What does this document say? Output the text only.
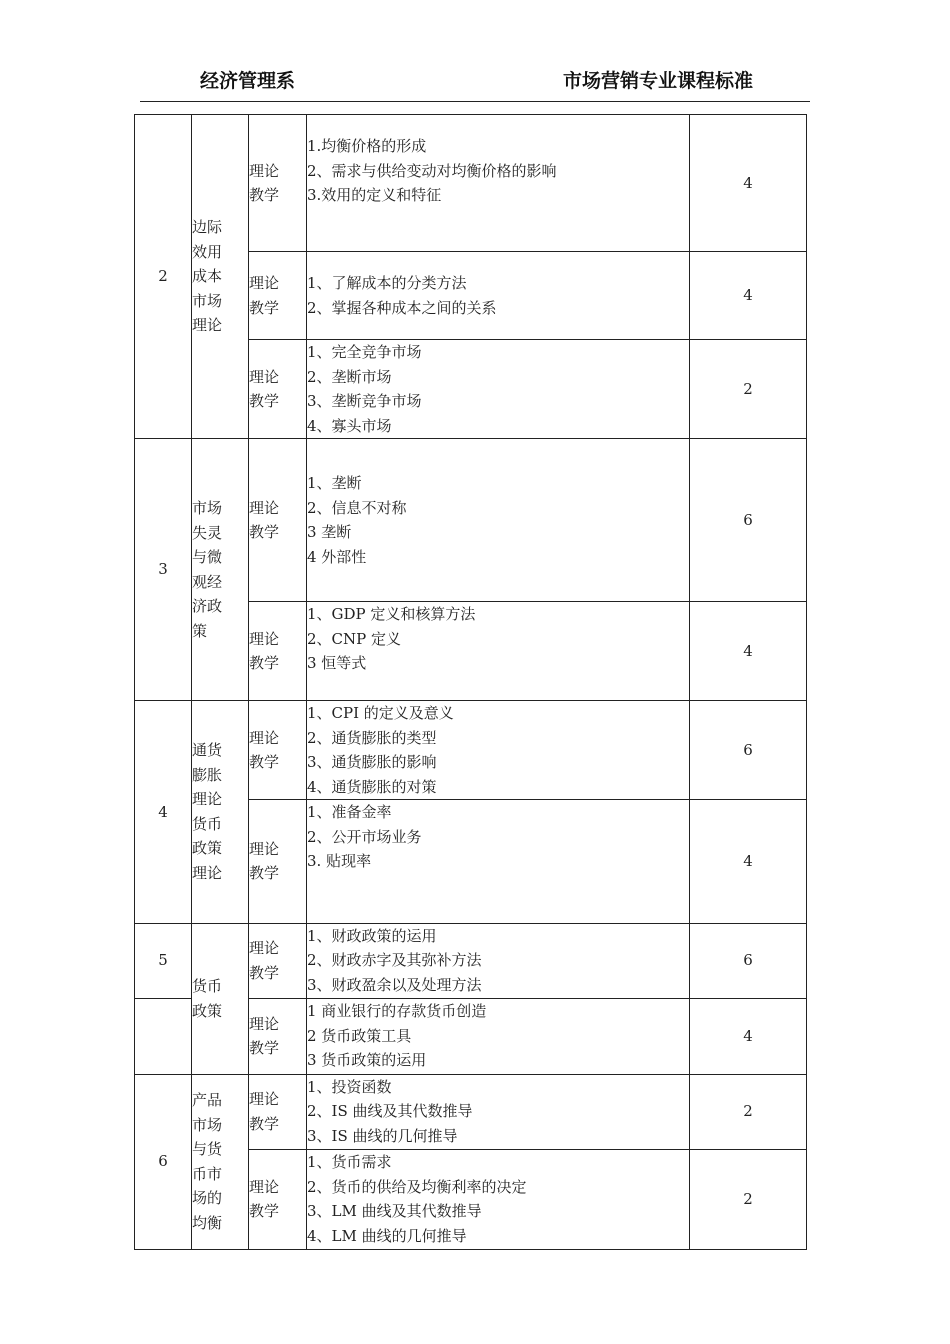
经济管理系	市场营销专业课程标准
2	边际效用成本市场理论	理论教学	1.均衡价格的形成
2、需求与供给变动对均衡价格的影响
3.效用的定义和特征	4

		理论教学	1、了解成本的分类方法
2、掌握各种成本之间的关系	4

		理论教学	1、完全竞争市场
2、垄断市场
3、垄断竞争市场
4、寡头市场	2
3	市场失灵与微观经济政策	理论教学	1、垄断
2、信息不对称
3 垄断
4 外部性	6

		理论教学	1、GDP 定义和核算方法
2、CNP 定义
3 恒等式	4
4	通货膨胀理论货币政策理论	理论教学	1、CPI 的定义及意义
2、通货膨胀的类型
3、通货膨胀的影响
4、通货膨胀的对策	6

		理论教学	1、准备金率
2、公开市场业务
3. 贴现率	4
5	货币政策	理论教学	1、财政政策的运用
2、财政赤字及其弥补方法
3、财政盈余以及处理方法	6

		理论教学	1 商业银行的存款货币创造
2 货币政策工具
3 货币政策的运用	4
6	产品市场与货币市场的均衡	理论教学	1、投资函数
2、IS 曲线及其代数推导
3、IS 曲线的几何推导	2

		理论教学	1、货币需求
2、货币的供给及均衡利率的决定
3、LM 曲线及其代数推导
4、LM 曲线的几何推导	2
